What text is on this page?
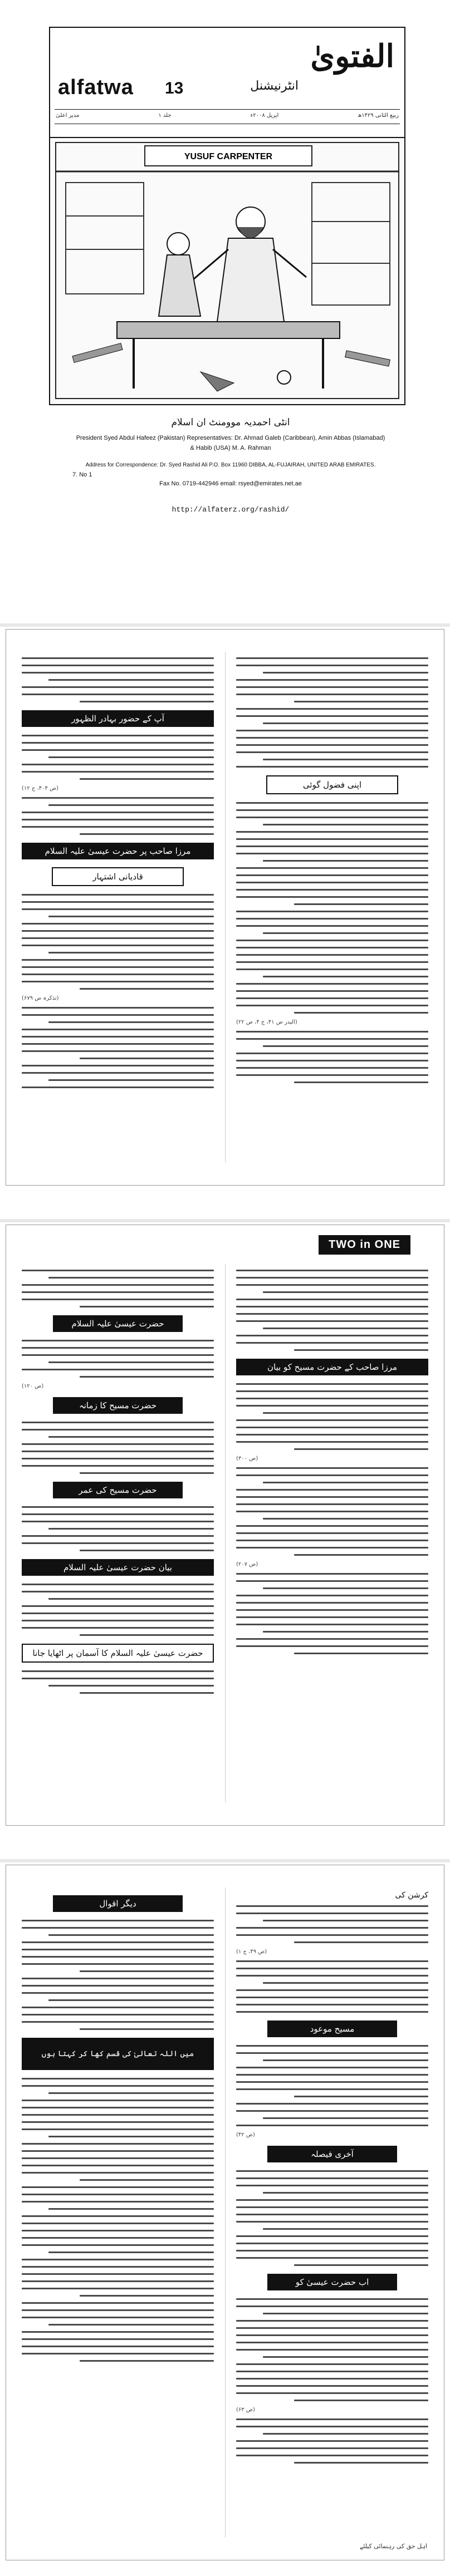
الفتویٰ
انٹرنیشنل
alfatwa 13
ربیع الثانی ۱۴۲۹ھ
اپریل ۲۰۰۸ء
جلد ۱
مدیر اعلیٰ
YUSUF CARPENTER
انٹی احمدیہ موومنٹ ان اسلام
President Syed Abdul Hafeez (Pakistan) Representatives: Dr. Ahmad Galeb (Caribbean), Amin Abbas (Islamabad)
& Habib (USA) M. A. Rahman
Address for Correspondence: Dr. Syed Rashid Ali P.O. Box 11960 DIBBA, AL-FUJAIRAH, UNITED ARAB EMIRATES.
7. No 1
Fax No. 0719-442946 email: rsyed@emirates.net.ae
http://alfaterz.org/rashid/
اپنی فضول گوئی
(البدر ص ۴۱، ج ۴، ص ۲۲)
آپ کے حضور بہادر الظہور
(ص ۴۰۴، ج ۱۲)
مرزا صاحب پر حضرت عیسیٰ علیہ السلام
قادیانی اشتہار
(تذکرہ ص ۶۷۹)
TWO in ONE
مرزا صاحب کے حضرت مسیح کو بیان
(ص ۳۰۰)
(ص ۲۰۷)
حضرت عیسیٰ علیہ السلام
(ص ۱۲۰)
حضرت مسیح کا زمانہ
حضرت مسیح کی عمر
بیان حضرت عیسیٰ علیہ السلام
حضرت عیسیٰ علیہ السلام کا آسمان پر اٹھایا جانا
کرشن کی
(ص ۴۹، ج ۱)
مسیح موعود
(ص ۴۲)
آخری فیصلہ
اب حضرت عیسیٰ کو
(ص ۶۳)
دیگر اقوال
میں اللہ تعالیٰ کی قسم کھا کر کہتا ہوں
اہل حق کی رہنمائی کیلئے
